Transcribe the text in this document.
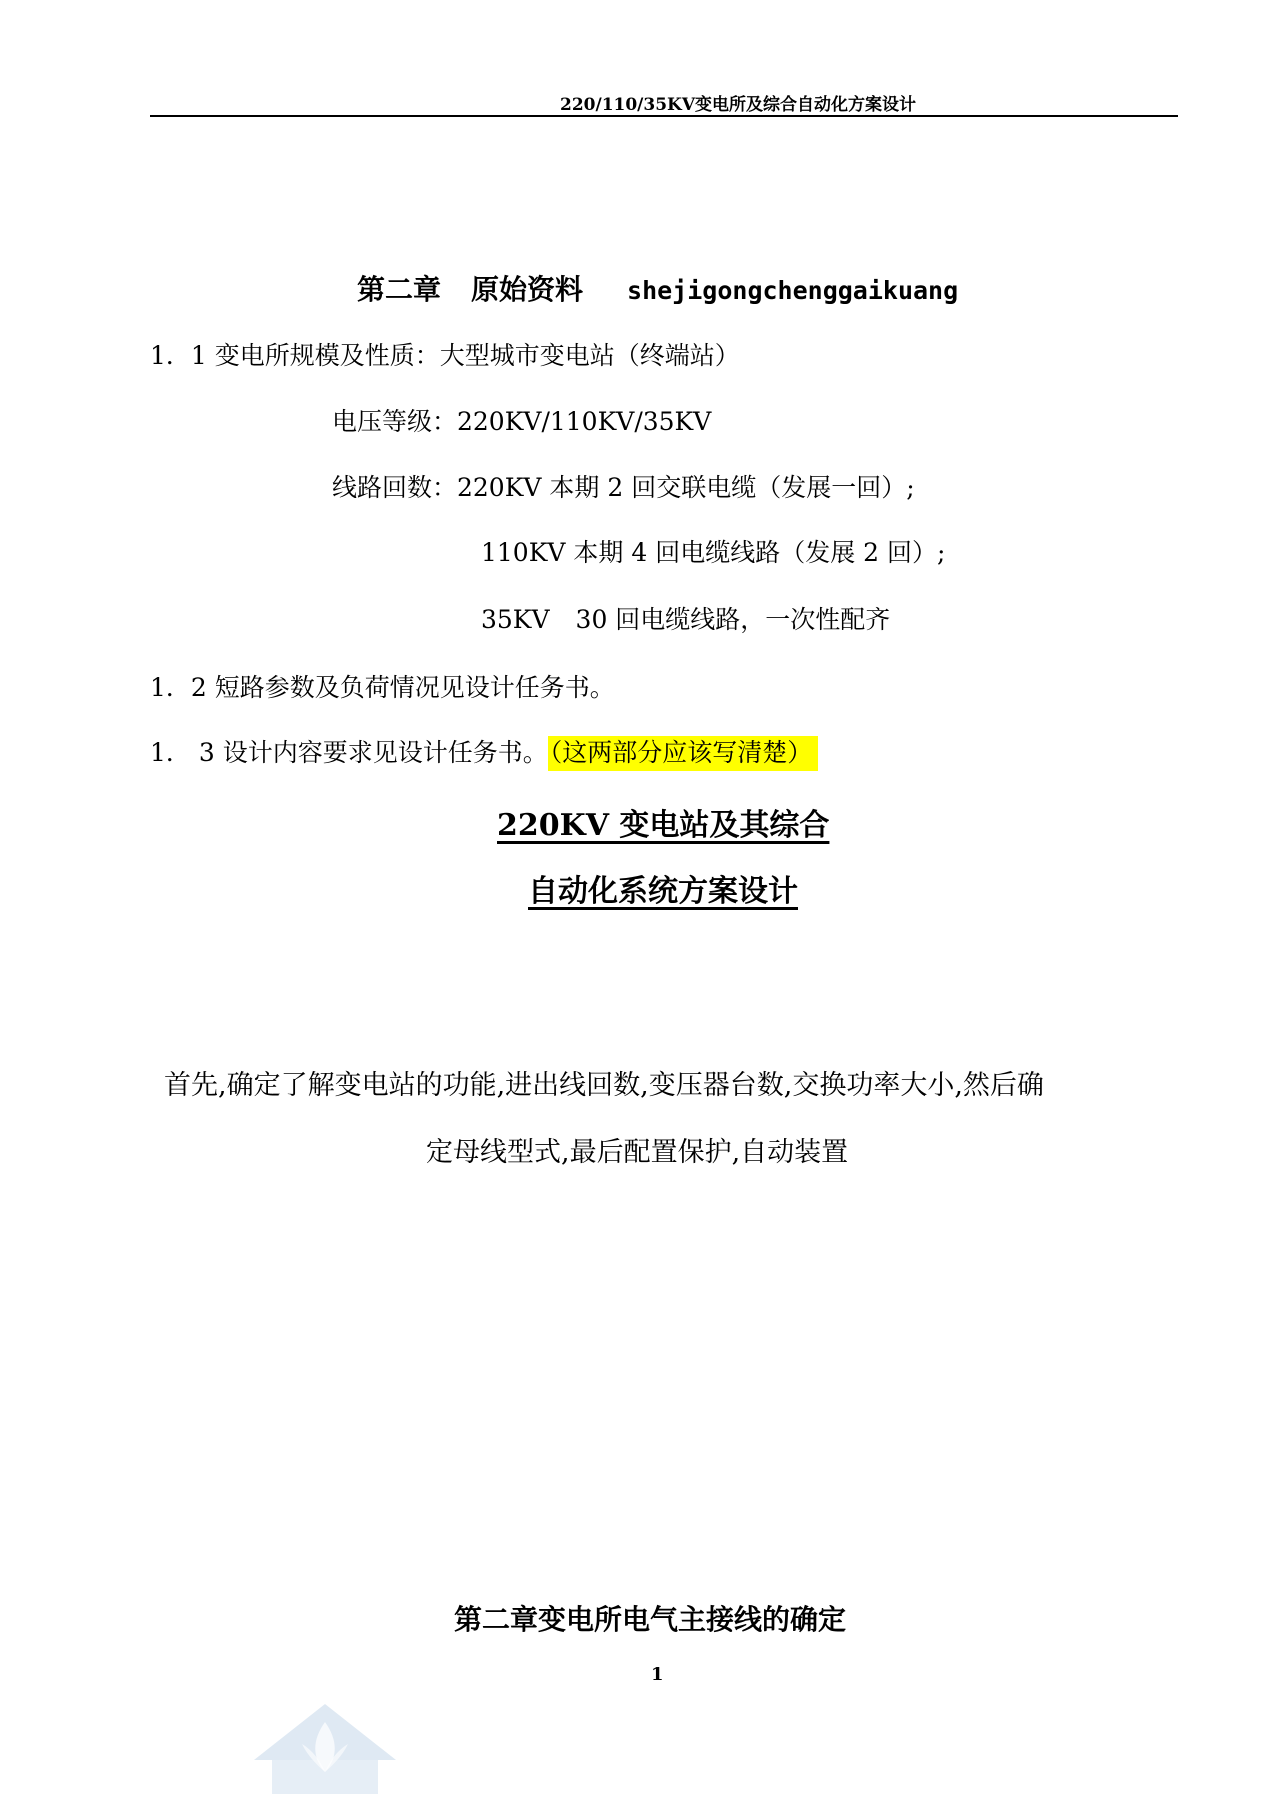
220/110/35KV变电所及综合自动化方案设计
第二章 原始资料 shejigongchenggaikuang
1．1 变电所规模及性质：大型城市变电站（终端站）
电压等级：220KV/110KV/35KV
线路回数：220KV 本期 2 回交联电缆（发展一回）;
110KV 本期 4 回电缆线路（发展 2 回）;
35KV 30 回电缆线路，一次性配齐
1．2 短路参数及负荷情况见设计任务书。
1． 3 设计内容要求见设计任务书。（这两部分应该写清楚）
220KV 变电站及其综合
自动化系统方案设计
首先,确定了解变电站的功能,进出线回数,变压器台数,交换功率大小,然后确
定母线型式,最后配置保护,自动装置
第二章变电所电气主接线的确定
1
